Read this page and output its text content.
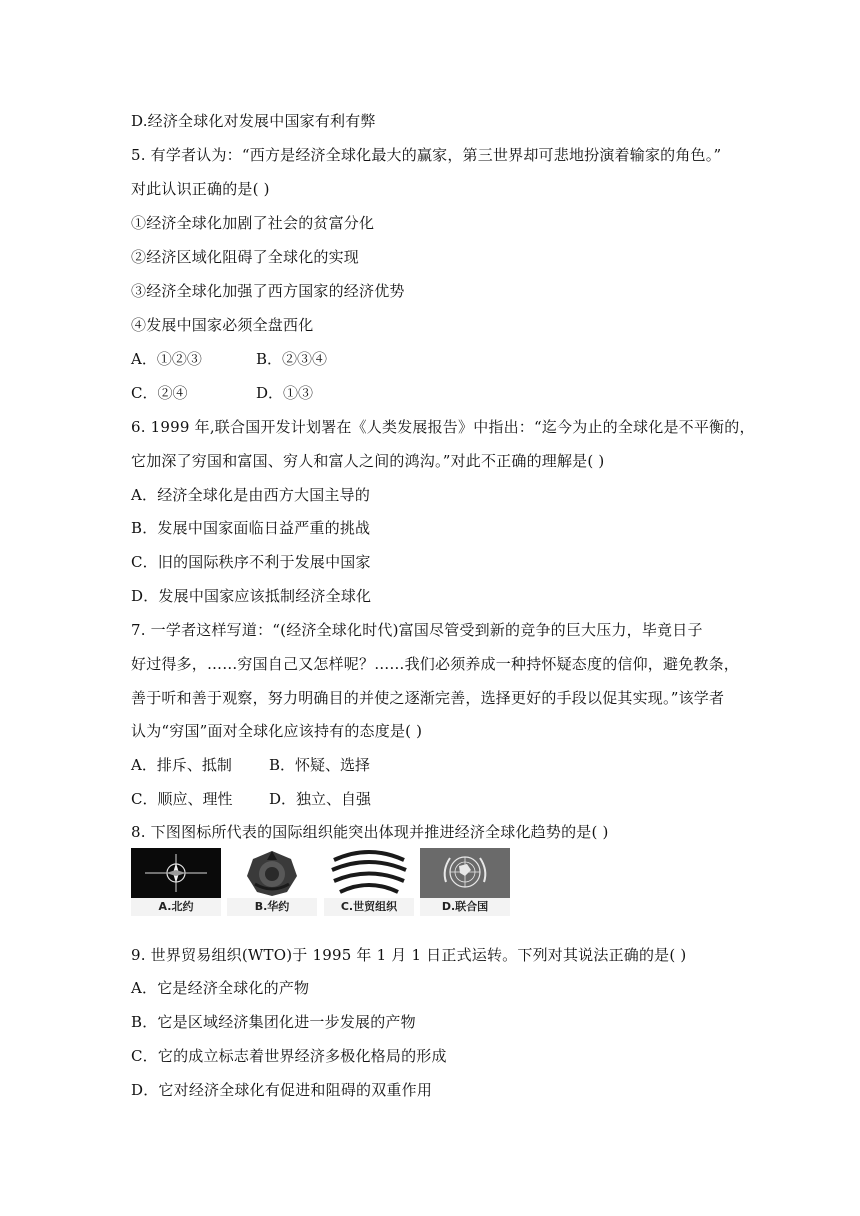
D.经济全球化对发展中国家有利有弊
5. 有学者认为：“西方是经济全球化最大的赢家，第三世界却可悲地扮演着输家的角色。”
对此认识正确的是( )
①经济全球化加剧了社会的贫富分化
②经济区域化阻碍了全球化的实现
③经济全球化加强了西方国家的经济优势
④发展中国家必须全盘西化
A．①②③	B．②③④
C．②④	D．①③
6. 1999 年,联合国开发计划署在《人类发展报告》中指出：“迄今为止的全球化是不平衡的，
它加深了穷国和富国、穷人和富人之间的鸿沟。”对此不正确的理解是( )
A．经济全球化是由西方大国主导的
B．发展中国家面临日益严重的挑战
C．旧的国际秩序不利于发展中国家
D．发展中国家应该抵制经济全球化
7. 一学者这样写道：“(经济全球化时代)富国尽管受到新的竞争的巨大压力，毕竟日子
好过得多，……穷国自己又怎样呢？……我们必须养成一种持怀疑态度的信仰，避免教条，
善于听和善于观察，努力明确目的并使之逐渐完善，选择更好的手段以促其实现。”该学者
认为“穷国”面对全球化应该持有的态度是( )
A．排斥、抵制 B．怀疑、选择
C．顺应、理性 D．独立、自强
8. 下图图标所代表的国际组织能突出体现并推进经济全球化趋势的是( )
A.北约	B.华约	C.世贸组织	D.联合国
9. 世界贸易组织(WTO)于 1995 年 1 月 1 日正式运转。下列对其说法正确的是( )
A．它是经济全球化的产物
B．它是区域经济集团化进一步发展的产物
C．它的成立标志着世界经济多极化格局的形成
D．它对经济全球化有促进和阻碍的双重作用
